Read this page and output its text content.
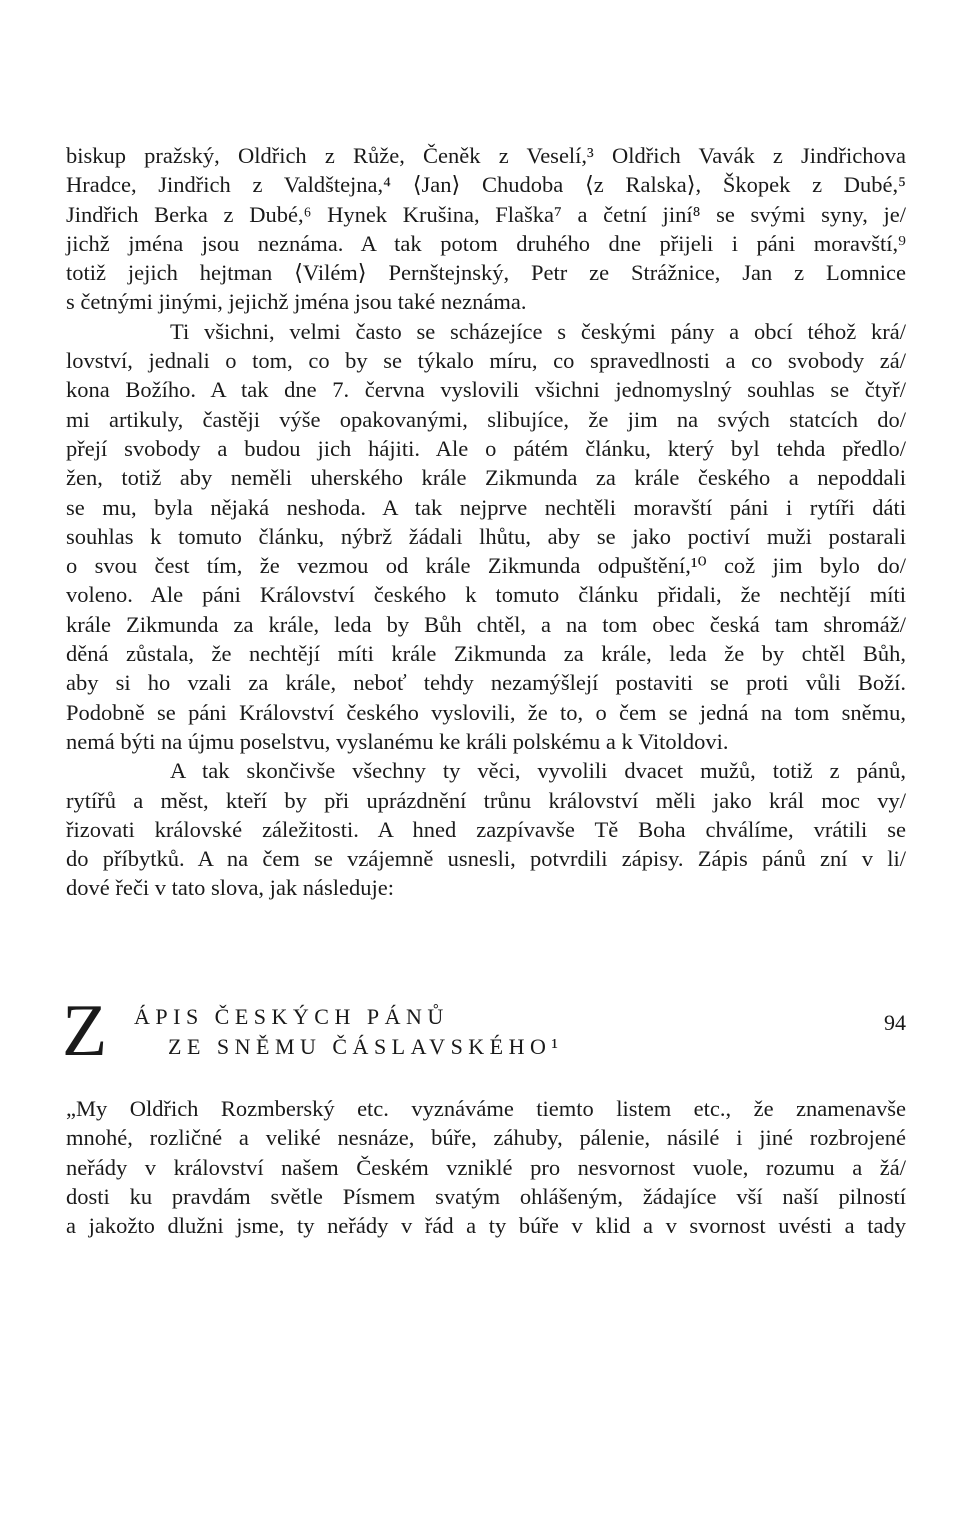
biskup pražský, Oldřich z Růže, Čeněk z Veselí,³ Oldřich Vavák z Jindřichova
Hradce, Jindřich z Valdštejna,⁴ ⟨Jan⟩ Chudoba ⟨z Ralska⟩, Škopek z Dubé,⁵
Jindřich Berka z Dubé,⁶ Hynek Krušina, Flaška⁷ a četní jiní⁸ se svými syny, je/
jichž jména jsou neznáma. A tak potom druhého dne přijeli i páni moravští,⁹
totiž jejich hejtman ⟨Vilém⟩ Pernštejnský, Petr ze Strážnice, Jan z Lomnice
s četnými jinými, jejichž jména jsou také neznáma.
Ti všichni, velmi často se scházejíce s českými pány a obcí téhož krá/
lovství, jednali o tom, co by se týkalo míru, co spravedlnosti a co svobody zá/
kona Božího. A tak dne 7. června vyslovili všichni jednomyslný souhlas se čtyř/
mi artikuly, častěji výše opakovanými, slibujíce, že jim na svých statcích do/
přejí svobody a budou jich hájiti. Ale o pátém článku, který byl tehda předlo/
žen, totiž aby neměli uherského krále Zikmunda za krále českého a nepoddali
se mu, byla nějaká neshoda. A tak nejprve nechtěli moravští páni i rytíři dáti
souhlas k tomuto článku, nýbrž žádali lhůtu, aby se jako poctiví muži postarali
o svou čest tím, že vezmou od krále Zikmunda odpuštění,¹⁰ což jim bylo do/
voleno. Ale páni Království českého k tomuto článku přidali, že nechtějí míti
krále Zikmunda za krále, leda by Bůh chtěl, a na tom obec česká tam shromáž/
děná zůstala, že nechtějí míti krále Zikmunda za krále, leda že by chtěl Bůh,
aby si ho vzali za krále, neboť tehdy nezamýšlejí postaviti se proti vůli Boží.
Podobně se páni Království českého vyslovili, že to, o čem se jedná na tom sněmu,
nemá býti na újmu poselstvu, vyslanému ke králi polskému a k Vitoldovi.
A tak skončivše všechny ty věci, vyvolili dvacet mužů, totiž z pánů,
rytířů a měst, kteří by při uprázdnění trůnu království měli jako král moc vy/
řizovati královské záležitosti. A hned zazpívavše Tě Boha chválíme, vrátili se
do příbytků. A na čem se vzájemně usnesli, potvrdili zápisy. Zápis pánů zní v li/
dové řeči v tato slova, jak následuje:
Z ÁPIS ČESKÝCH PÁNŮ
ZE SNĚMU ČÁSLAVSKÉHO¹
94
„My Oldřich Rozmberský etc. vyznáváme tiemto listem etc., že znamenavše
mnohé, rozličné a veliké nesnáze, búře, záhuby, pálenie, násilé i jiné rozbrojené
neřády v království našem Českém vzniklé pro nesvornost vuole, rozumu a žá/
dosti ku pravdám světle Písmem svatým ohlášeným, žádajíce vší naší pilností
a jakožto dlužni jsme, ty neřády v řád a ty búře v klid a v svornost uvésti a tady
